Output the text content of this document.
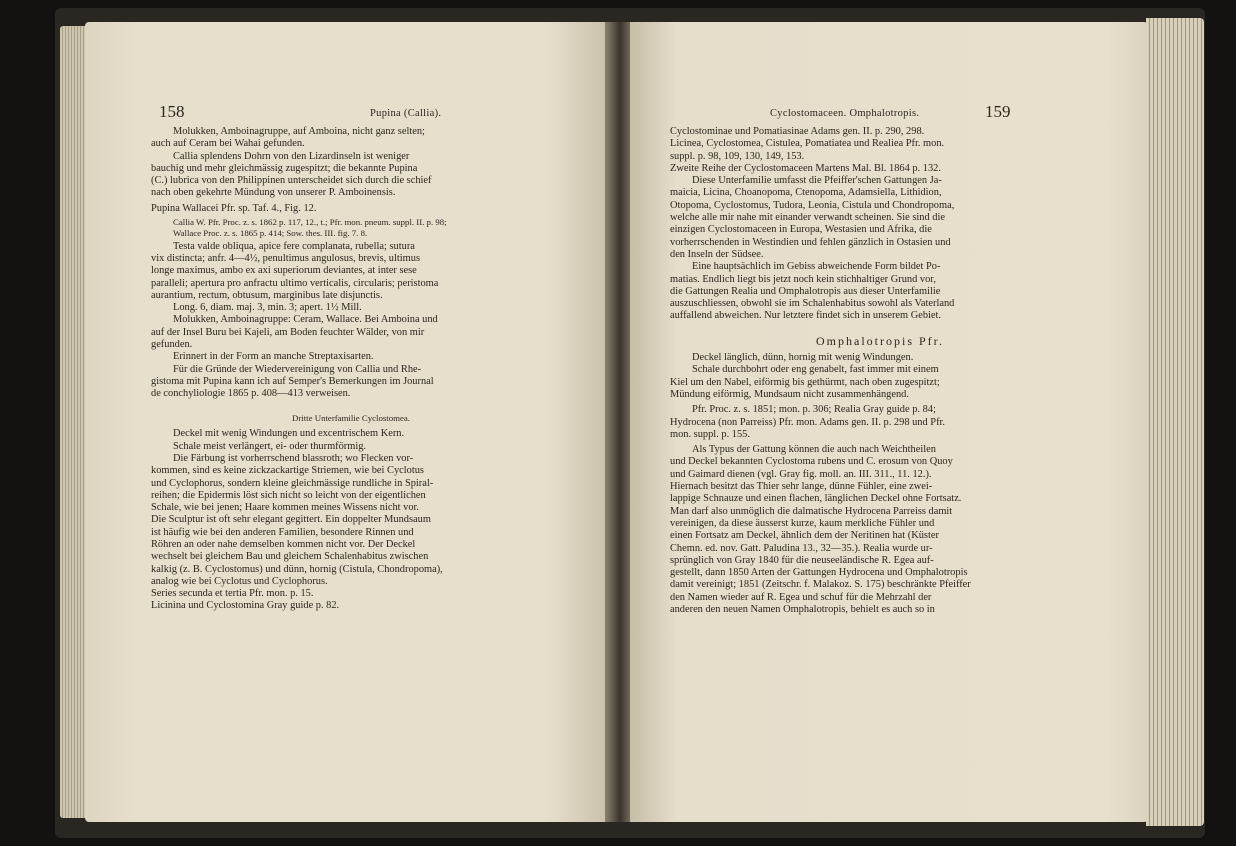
158	Pupina (Callia).

Molukken, Amboinagruppe, auf Amboina, nicht ganz selten;

auch auf Ceram bei Wahai gefunden.

Callia splendens Dohrn von den Lizardinseln ist weniger

bauchig und mehr gleichmässig zugespitzt; die bekannte Pupina

(C.) lubrica von den Philippinen unterscheidet sich durch die schief

nach oben gekehrte Mündung von unserer P. Amboinensis.

Pupina Wallacei Pfr. sp. Taf. 4., Fig. 12.

Callia W. Pfr. Proc. z. s. 1862 p. 117, 12., t.; Pfr. mon. pneum. suppl. II. p. 98;

Wallace Proc. z. s. 1865 p. 414; Sow. thes. III. fig. 7. 8.

Testa valde obliqua, apice fere complanata, rubella; sutura

vix distincta; anfr. 4—4½, penultimus angulosus, brevis, ultimus

longe maximus, ambo ex axi superiorum deviantes, at inter sese

paralleli; apertura pro anfractu ultimo verticalis, circularis; peristoma

aurantium, rectum, obtusum, marginibus late disjunctis.

Long. 6, diam. maj. 3, min. 3; apert. 1½ Mill.

Molukken, Amboinagruppe: Ceram, Wallace. Bei Amboina und

auf der Insel Buru bei Kajeli, am Boden feuchter Wälder, von mir

gefunden.

Erinnert in der Form an manche Streptaxisarten.

Für die Gründe der Wiedervereinigung von Callia und Rhe-

gistoma mit Pupina kann ich auf Semper's Bemerkungen im Journal

de conchyliologie 1865 p. 408—413 verweisen.

Dritte Unterfamilie Cyclostomea.

Deckel mit wenig Windungen und excentrischem Kern.

Schale meist verlängert, ei- oder thurmförmig.

Die Färbung ist vorherrschend blassroth; wo Flecken vor-

kommen, sind es keine zickzackartige Striemen, wie bei Cyclotus

und Cyclophorus, sondern kleine gleichmässige rundliche in Spiral-

reihen; die Epidermis löst sich nicht so leicht von der eigentlichen

Schale, wie bei jenen; Haare kommen meines Wissens nicht vor.

Die Sculptur ist oft sehr elegant gegittert. Ein doppelter Mundsaum

ist häufig wie bei den anderen Familien, besondere Rinnen und

Röhren an oder nahe demselben kommen nicht vor. Der Deckel

wechselt bei gleichem Bau und gleichem Schalenhabitus zwischen

kalkig (z. B. Cyclostomus) und dünn, hornig (Cistula, Chondropoma),

analog wie bei Cyclotus und Cyclophorus.

Series secunda et tertia Pfr. mon. p. 15.

Licinina und Cyclostomina Gray guide p. 82.

Cyclostomaceen. Omphalotropis.	159

Cyclostominae und Pomatiasinae Adams gen. II. p. 290, 298.

Licinea, Cyclostomea, Cistulea, Pomatiatea und Realiea Pfr. mon.

suppl. p. 98, 109, 130, 149, 153.

Zweite Reihe der Cyclostomaceen Martens Mal. Bl. 1864 p. 132.

Diese Unterfamilie umfasst die Pfeiffer'schen Gattungen Ja-

maicia, Licina, Choanopoma, Ctenopoma, Adamsiella, Lithidion,

Otopoma, Cyclostomus, Tudora, Leonia, Cistula und Chondropoma,

welche alle mir nahe mit einander verwandt scheinen. Sie sind die

einzigen Cyclostomaceen in Europa, Westasien und Afrika, die

vorherrschenden in Westindien und fehlen gänzlich in Ostasien und

den Inseln der Südsee.

Eine hauptsächlich im Gebiss abweichende Form bildet Po-

matias. Endlich liegt bis jetzt noch kein stichhaltiger Grund vor,

die Gattungen Realia und Omphalotropis aus dieser Unterfamilie

auszuschliessen, obwohl sie im Schalenhabitus sowohl als Vaterland

auffallend abweichen. Nur letztere findet sich in unserem Gebiet.

Omphalotropis Pfr.

Deckel länglich, dünn, hornig mit wenig Windungen.

Schale durchbohrt oder eng genabelt, fast immer mit einem

Kiel um den Nabel, eiförmig bis gethürmt, nach oben zugespitzt;

Mündung eiförmig, Mundsaum nicht zusammenhängend.

Pfr. Proc. z. s. 1851; mon. p. 306; Realia Gray guide p. 84;

Hydrocena (non Parreiss) Pfr. mon. Adams gen. II. p. 298 und Pfr.

mon. suppl. p. 155.

Als Typus der Gattung können die auch nach Weichtheilen

und Deckel bekannten Cyclostoma rubens und C. erosum von Quoy

und Gaimard dienen (vgl. Gray fig. moll. an. III. 311., 11. 12.).

Hiernach besitzt das Thier sehr lange, dünne Fühler, eine zwei-

lappige Schnauze und einen flachen, länglichen Deckel ohne Fortsatz.

Man darf also unmöglich die dalmatische Hydrocena Parreiss damit

vereinigen, da diese äusserst kurze, kaum merkliche Fühler und

einen Fortsatz am Deckel, ähnlich dem der Neritinen hat (Küster

Chemn. ed. nov. Gatt. Paludina 13., 32—35.). Realia wurde ur-

sprünglich von Gray 1840 für die neuseeländische R. Egea auf-

gestellt, dann 1850 Arten der Gattungen Hydrocena und Omphalotropis

damit vereinigt; 1851 (Zeitschr. f. Malakoz. S. 175) beschränkte Pfeiffer

den Namen wieder auf R. Egea und schuf für die Mehrzahl der

anderen den neuen Namen Omphalotropis, behielt es auch so in
